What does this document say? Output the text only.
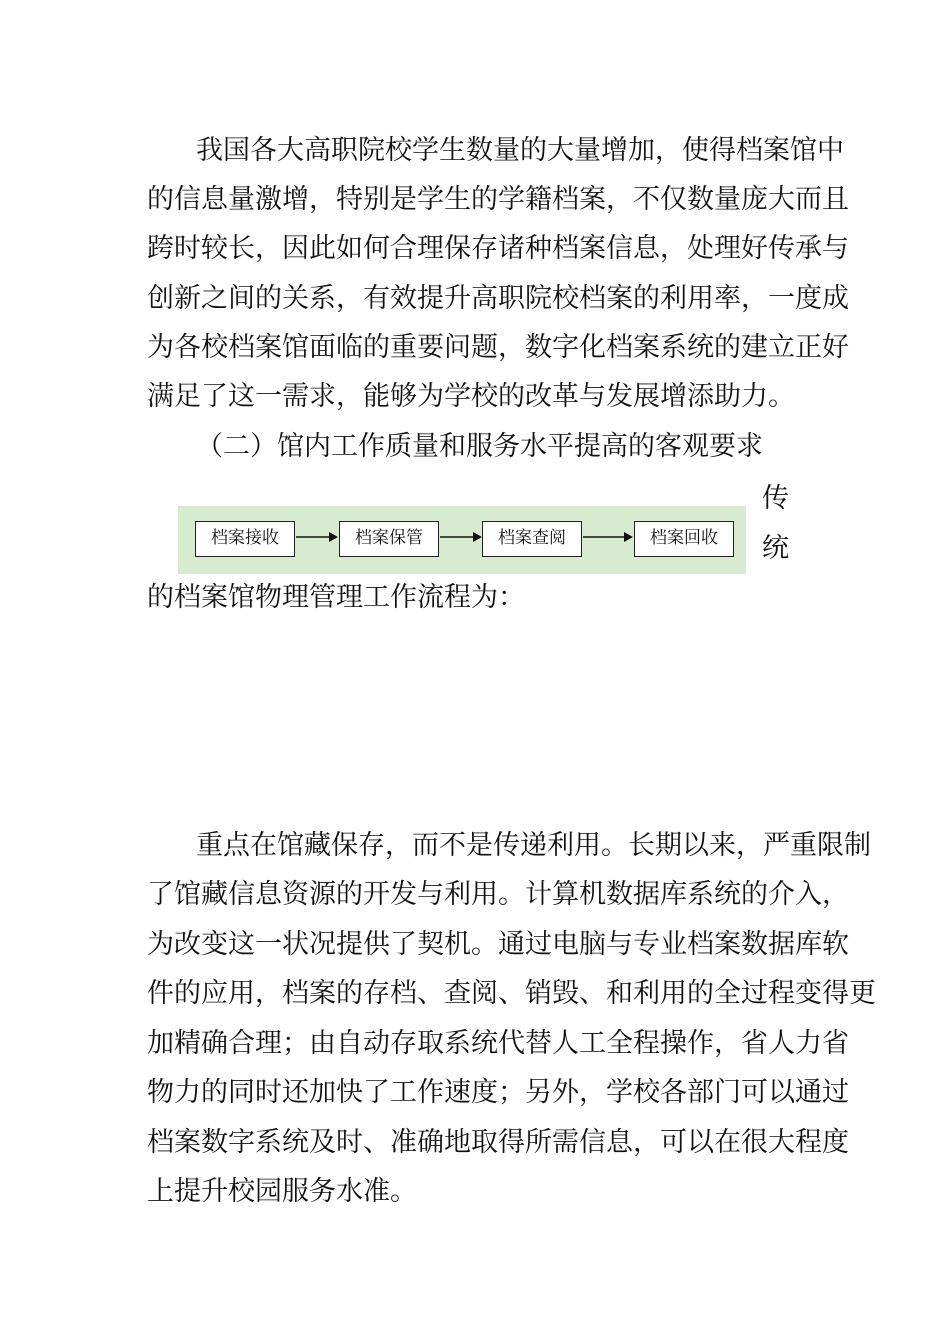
我国各大高职院校学生数量的大量增加，使得档案馆中
的信息量激增，特别是学生的学籍档案，不仅数量庞大而且
跨时较长，因此如何合理保存诸种档案信息，处理好传承与
创新之间的关系，有效提升高职院校档案的利用率，一度成
为各校档案馆面临的重要问题，数字化档案系统的建立正好
满足了这一需求，能够为学校的改革与发展增添助力。
（二）馆内工作质量和服务水平提高的客观要求
档案接收	档案保管	档案查阅	档案回收
传
统
的档案馆物理管理工作流程为：
重点在馆藏保存，而不是传递利用。长期以来，严重限制
了馆藏信息资源的开发与利用。计算机数据库系统的介入，
为改变这一状况提供了契机。通过电脑与专业档案数据库软
件的应用，档案的存档、查阅、销毁、和利用的全过程变得更
加精确合理；由自动存取系统代替人工全程操作，省人力省
物力的同时还加快了工作速度；另外，学校各部门可以通过
档案数字系统及时、准确地取得所需信息，可以在很大程度
上提升校园服务水准。
